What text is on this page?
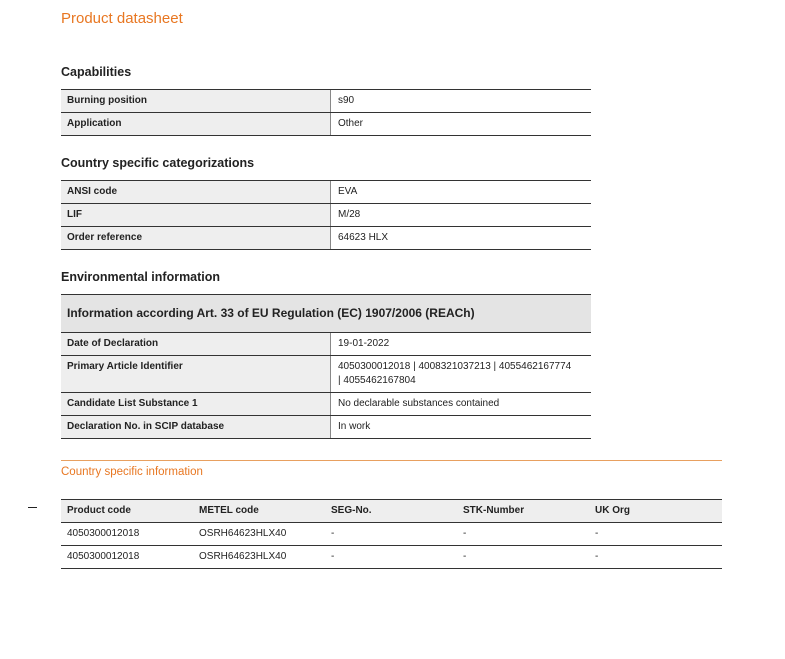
Product datasheet
Capabilities
Burning position	s90
Application	Other
Country specific categorizations
ANSI code	EVA
LIF	M/28
Order reference	64623 HLX
Environmental information
Information according Art. 33 of EU Regulation (EC) 1907/2006 (REACh)	
Date of Declaration	19-01-2022
Primary Article Identifier	4050300012018 | 4008321037213 | 4055462167774
| 4055462167804

Candidate List Substance 1	No declarable substances contained
Declaration No. in SCIP database	In work
Country specific information
Product code	METEL code	SEG-No.	STK-Number	UK Org
4050300012018	OSRH64623HLX40	-	-	-
4050300012018	OSRH64623HLX40	-	-	-
